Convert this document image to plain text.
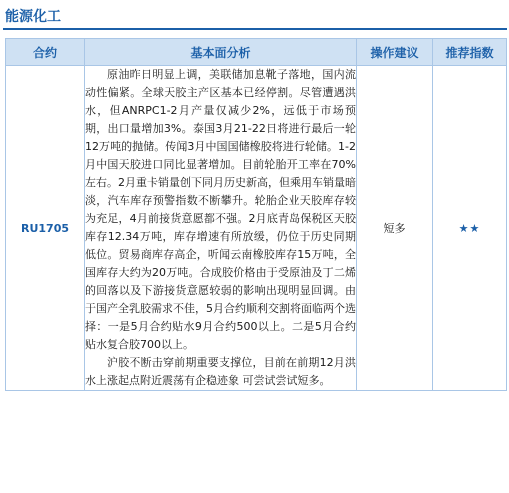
能源化工
合约	基本面分析	操作建议	推荐指数
RU1705	原油昨日明显上调，美联储加息靴子落地，国内流动性偏紧。全球天胶主产区基本已经停割。尽管遭遇洪水，但ANRPC1-2月产量仅减少2%，远低于市场预期，出口量增加3%。泰国3月21-22日将进行最后一轮12万吨的抛储。传闻3月中国国储橡胶将进行轮储。1-2月中国天胶进口同比显著增加。目前轮胎开工率在70%左右。2月重卡销量创下同月历史新高，但乘用车销量暗淡，汽车库存预警指数不断攀升。轮胎企业天胶库存较为充足，4月前接货意愿都不强。2月底青岛保税区天胶库存12.34万吨，库存增速有所放缓，仍位于历史同期低位。贸易商库存高企，听闻云南橡胶库存15万吨，全国库存大约为20万吨。合成胶价格由于受原油及丁二烯的回落以及下游接货意愿较弱的影响出现明显回调。由于国产全乳胶需求不佳，5月合约顺利交割将面临两个选择：一是5月合约贴水9月合约500以上。二是5月合约贴水复合胶700以上。

沪胶不断击穿前期重要支撑位，目前在前期12月洪水上涨起点附近震荡有企稳迹象 可尝试尝试短多。	短多	★★
